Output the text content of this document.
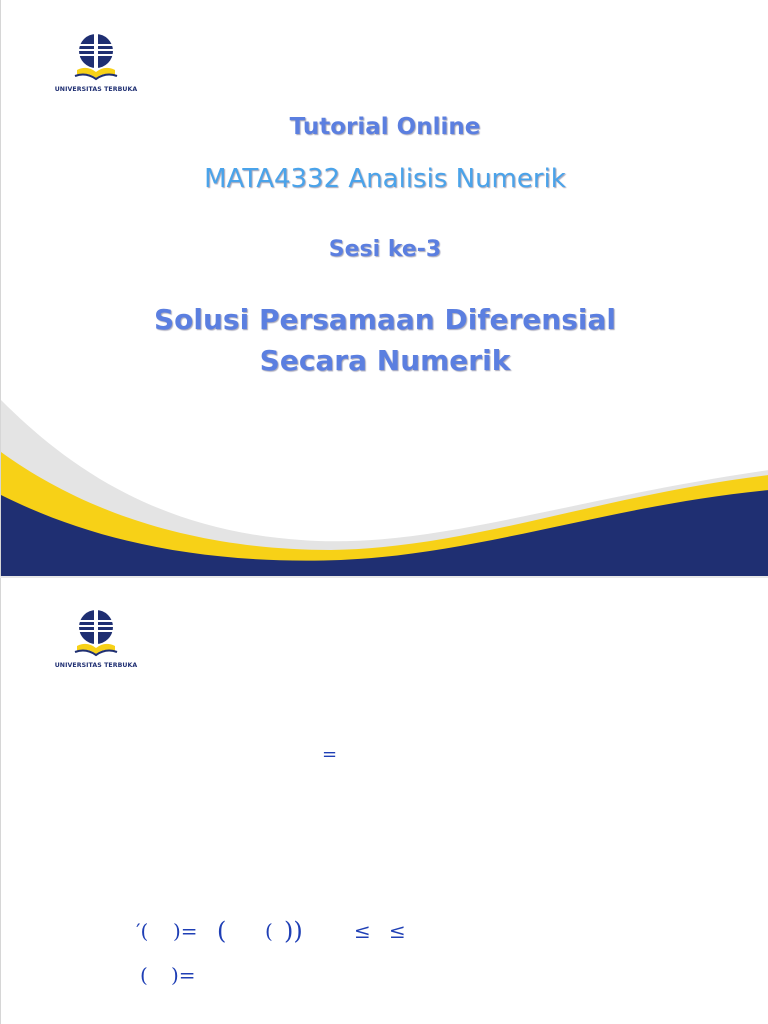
UNIVERSITAS TERBUKA
Tutorial Online
MATA4332 Analisis Numerik
Sesi ke-3
Solusi Persamaan Diferensial
Secara Numerik
UNIVERSITAS TERBUKA
=
′( )= ( ( ))	≤ ≤
( )=
